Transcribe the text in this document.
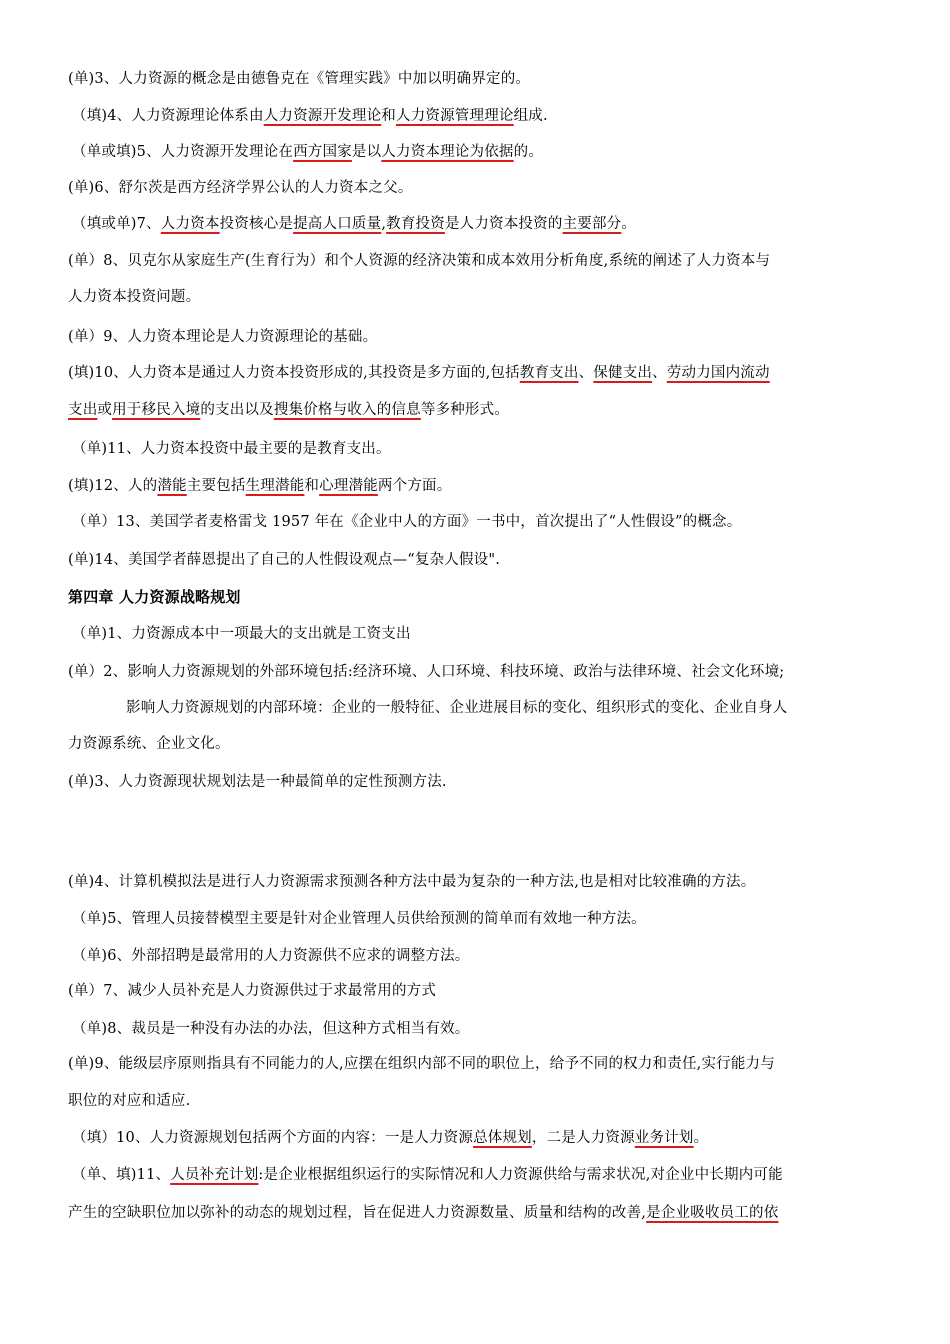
(单)3、人力资源的概念是由德鲁克在《管理实践》中加以明确界定的。
（填)4、人力资源理论体系由人力资源开发理论和人力资源管理理论组成.
（单或填)5、人力资源开发理论在西方国家是以人力资本理论为依据的。
(单)6、舒尔茨是西方经济学界公认的人力资本之父。
（填或单)7、人力资本投资核心是提高人口质量,教育投资是人力资本投资的主要部分。
(单）8、贝克尔从家庭生产(生育行为）和个人资源的经济决策和成本效用分析角度,系统的阐述了人力资本与
人力资本投资问题。
(单）9、人力资本理论是人力资源理论的基础。
(填)10、人力资本是通过人力资本投资形成的,其投资是多方面的,包括教育支出、保健支出、劳动力国内流动
支出或用于移民入境的支出以及搜集价格与收入的信息等多种形式。
（单)11、人力资本投资中最主要的是教育支出。
(填)12、人的潜能主要包括生理潜能和心理潜能两个方面。
（单）13、美国学者麦格雷戈 1957 年在《企业中人的方面》一书中，首次提出了“人性假设”的概念。
(单)14、美国学者薛恩提出了自己的人性假设观点—“复杂人假设".
第四章 人力资源战略规划
（单)1、力资源成本中一项最大的支出就是工资支出
(单）2、影响人力资源规划的外部环境包括:经济环境、人口环境、科技环境、政治与法律环境、社会文化环境;
影响人力资源规划的内部环境：企业的一般特征、企业进展目标的变化、组织形式的变化、企业自身人
力资源系统、企业文化。
(单)3、人力资源现状规划法是一种最简单的定性预测方法.
(单)4、计算机模拟法是进行人力资源需求预测各种方法中最为复杂的一种方法,也是相对比较准确的方法。
（单)5、管理人员接替模型主要是针对企业管理人员供给预测的简单而有效地一种方法。
（单)6、外部招聘是最常用的人力资源供不应求的调整方法。
(单）7、减少人员补充是人力资源供过于求最常用的方式
（单)8、裁员是一种没有办法的办法，但这种方式相当有效。
(单)9、能级层序原则指具有不同能力的人,应摆在组织内部不同的职位上，给予不同的权力和责任,实行能力与
职位的对应和适应.
（填）10、人力资源规划包括两个方面的内容：一是人力资源总体规划，二是人力资源业务计划。
（单、填)11、人员补充计划:是企业根据组织运行的实际情况和人力资源供给与需求状况,对企业中长期内可能
产生的空缺职位加以弥补的动态的规划过程，旨在促进人力资源数量、质量和结构的改善,是企业吸收员工的依
